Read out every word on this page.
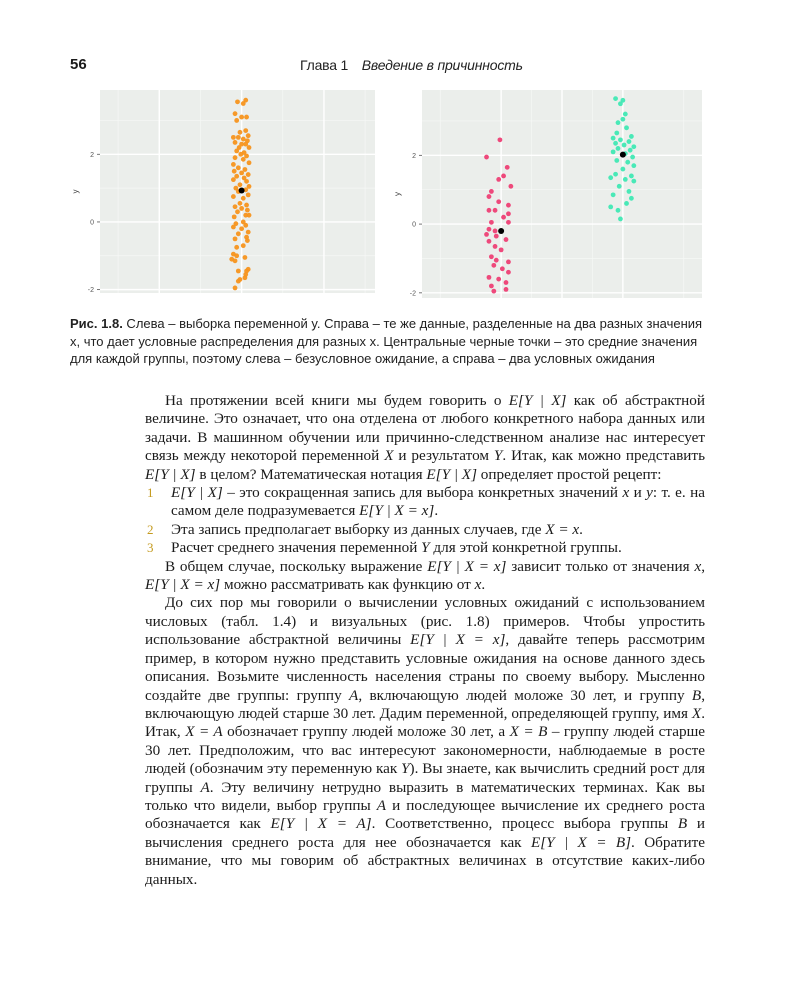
56	Глава 1 Введение в причинность
2
0
-2
y
2
0
-2
y
Рис. 1.8. Слева – выборка переменной y. Справа – те же данные, разделенные на два разных значения x, что дает условные распределения для разных x. Центральные черные точки – это средние значения для каждой группы, поэтому слева – безусловное ожидание, а справа – два условных ожидания

На протяжении всей книги мы будем говорить о E[Y | X] как об абстрактной величине. Это означает, что она отделена от любого конкретного набора данных или задачи. В машинном обучении или причинно-следственном анализе нас интересует связь между некоторой переменной X и результатом Y. Итак, как можно представить E[Y | X] в целом? Математическая нотация E[Y | X] определяет простой рецепт:

1 E[Y | X] – это сокращенная запись для выбора конкретных значений x и y: т. е. на самом деле подразумевается E[Y | X = x].
2 Эта запись предполагает выборку из данных случаев, где X = x.
3 Расчет среднего значения переменной Y для этой конкретной группы.

В общем случае, поскольку выражение E[Y | X = x] зависит только от значения x, E[Y | X = x] можно рассматривать как функцию от x.

До сих пор мы говорили о вычислении условных ожиданий с использованием числовых (табл. 1.4) и визуальных (рис. 1.8) примеров. Чтобы упростить использование абстрактной величины E[Y | X = x], давайте теперь рассмотрим пример, в котором нужно представить условные ожидания на основе данного здесь описания. Возьмите численность населения страны по своему выбору. Мысленно создайте две группы: группу A, включающую людей моложе 30 лет, и группу B, включающую людей старше 30 лет. Дадим переменной, определяющей группу, имя X. Итак, X = A обозначает группу людей моложе 30 лет, а X = B – группу людей старше 30 лет. Предположим, что вас интересуют закономерности, наблюдаемые в росте людей (обозначим эту переменную как Y). Вы знаете, как вычислить средний рост для группы A. Эту величину нетрудно выразить в математических терминах. Как вы только что видели, выбор группы A и последующее вычисление их среднего роста обозначается как E[Y | X = A]. Соответственно, процесс выбора группы B и вычисления среднего роста для нее обозначается как E[Y | X = B]. Обратите внимание, что мы говорим об абстрактных величинах в отсутствие каких-либо данных.
